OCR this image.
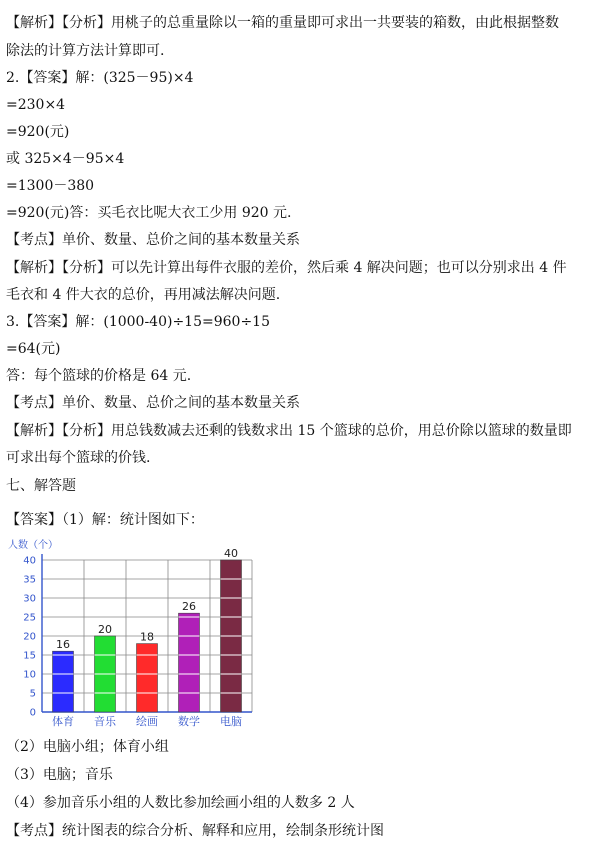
【解析】【分析】用桃子的总重量除以一箱的重量即可求出一共要装的箱数，由此根据整数
除法的计算方法计算即可.
2.【答案】解：(325－95)×4
=230×4
=920(元)
或 325×4－95×4
=1300－380
=920(元)答：买毛衣比呢大衣工少用 920 元.
【考点】单价、数量、总价之间的基本数量关系
【解析】【分析】可以先计算出每件衣服的差价，然后乘 4 解决问题；也可以分别求出 4 件
毛衣和 4 件大衣的总价，再用减法解决问题.
3.【答案】解：(1000-40)÷15=960÷15
=64(元)
答：每个篮球的价格是 64 元.
【考点】单价、数量、总价之间的基本数量关系
【解析】【分析】用总钱数减去还剩的钱数求出 15 个篮球的总价，用总价除以篮球的数量即
可求出每个篮球的价钱.
七、解答题
【答案】（1）解：统计图如下：
（2）电脑小组；体育小组
（3）电脑；音乐
（4）参加音乐小组的人数比参加绘画小组的人数多 2 人
【考点】统计图表的综合分析、解释和应用，绘制条形统计图
人数（个）
0
5
10
15
20
25
30
35
40
16
体育
20
音乐
18
绘画
26
数学
40
电脑
